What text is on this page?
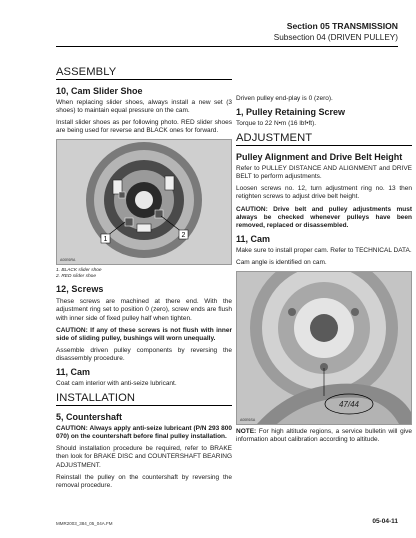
Section 05 TRANSMISSION
Subsection 04 (DRIVEN PULLEY)
ASSEMBLY
10, Cam Slider Shoe
When replacing slider shoes, always install a new set (3 shoes) to maintain equal pressure on the cam.
Install slider shoes as per following photo. RED slider shoes are being used for reverse and BLACK ones for forward.
1
2
A00E6RA
1. BLACK slider shoe
2. RED slider shoe
12, Screws
These screws are machined at there end. With the adjustment ring set to position 0 (zero), screw ends are flush with inner side of fixed pulley half when tighten.
CAUTION: If any of these screws is not flush with inner side of sliding pulley, bushings will worn unequally.
Assemble driven pulley components by reversing the disassembly procedure.
11, Cam
Coat cam interior with anti-seize lubricant.
INSTALLATION
5, Countershaft
CAUTION: Always apply anti-seize lubricant (P/N 293 800 070) on the countershaft before final pulley installation.
Should installation procedure be required, refer to BRAKE then look for BRAKE DISC and COUNTERSHAFT BEARING ADJUSTMENT.
Reinstall the pulley on the countershaft by reversing the removal procedure.
Driven pulley end-play is 0 (zero).
1, Pulley Retaining Screw
Torque to 22 N•m (16 lbf•ft).
ADJUSTMENT
Pulley Alignment and Drive Belt Height
Refer to PULLEY DISTANCE AND ALIGNMENT and DRIVE BELT to perform adjustments.
Loosen screws no. 12, turn adjustment ring no. 13 then retighten screws to adjust drive belt height.
CAUTION: Drive belt and pulley adjustments must always be checked whenever pulleys have been removed, replaced or disassembled.
11, Cam
Make sure to install proper cam. Refer to TECHNICAL DATA.
Cam angle is identified on cam.
47/44
A00E6SA
NOTE: For high altitude regions, a service bulletin will give information about calibration according to altitude.
MMR2003_384_05_04A.FM	05-04-11
